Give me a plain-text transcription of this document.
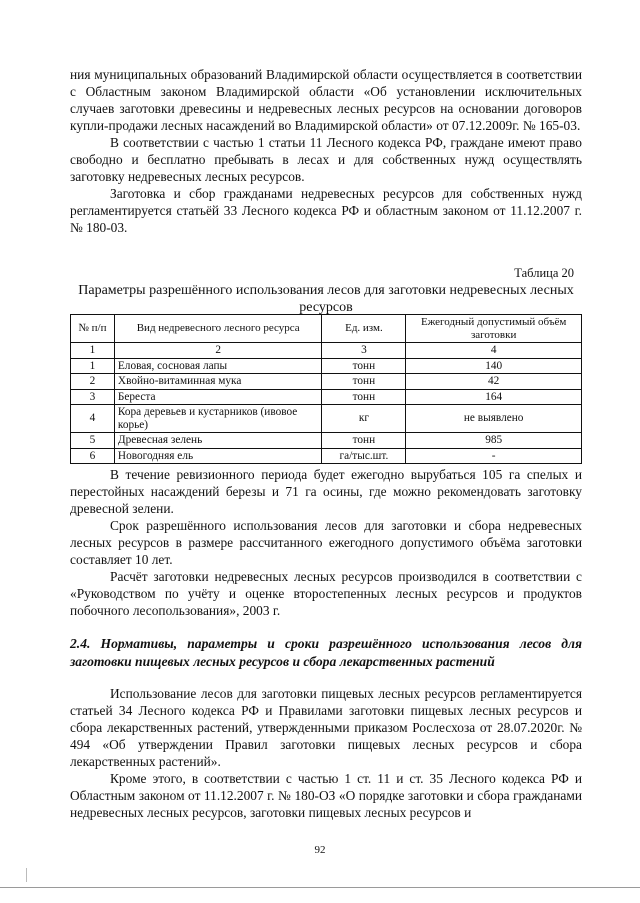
ния муниципальных образований Владимирской области осуществляется в соответствии с Областным законом Владимирской области «Об установлении исключительных случаев заготовки древесины и недревесных лесных ресурсов на основании договоров купли-продажи лесных насаждений во Владимирской области» от 07.12.2009г. № 165-03.
В соответствии с частью 1 статьи 11 Лесного кодекса РФ, граждане имеют право свободно и бесплатно пребывать в лесах и для собственных нужд осуществлять заготовку недревесных лесных ресурсов.
Заготовка и сбор гражданами недревесных ресурсов для собственных нужд регламентируется статьёй 33 Лесного кодекса РФ и областным законом от 11.12.2007 г. № 180-03.
Таблица 20
Параметры разрешённого использования лесов для заготовки недревесных лесных ресурсов
№ п/п	Вид недревесного лесного ресурса	Ед. изм.	Ежегодный допустимый объём заготовки
1	2	3	4
1	Еловая, сосновая лапы	тонн	140
2	Хвойно-витаминная мука	тонн	42
3	Береста	тонн	164
4	Кора деревьев и кустарников (ивовое корье)	кг	не выявлено
5	Древесная зелень	тонн	985
6	Новогодняя ель	га/тыс.шт.	-
В течение ревизионного периода будет ежегодно вырубаться 105 га спелых и перестойных насаждений березы и 71 га осины, где можно рекомендовать заготовку древесной зелени.
Срок разрешённого использования лесов для заготовки и сбора недревесных лесных ресурсов в размере рассчитанного ежегодного допустимого объёма заготовки составляет 10 лет.
Расчёт заготовки недревесных лесных ресурсов производился в соответствии с «Руководством по учёту и оценке второстепенных лесных ресурсов и продуктов побочного лесопользования», 2003 г.
2.4. Нормативы, параметры и сроки разрешённого использования лесов для заготовки пищевых лесных ресурсов и сбора лекарственных растений
Использование лесов для заготовки пищевых лесных ресурсов регламентируется статьей 34 Лесного кодекса РФ и Правилами заготовки пищевых лесных ресурсов и сбора лекарственных растений, утвержденными приказом Рослесхоза от 28.07.2020г. № 494 «Об утверждении Правил заготовки пищевых лесных ресурсов и сбора лекарственных растений».
Кроме этого, в соответствии с частью 1 ст. 11 и ст. 35 Лесного кодекса РФ и Областным законом от 11.12.2007 г. № 180-ОЗ «О порядке заготовки и сбора гражданами недревесных лесных ресурсов, заготовки пищевых лесных ресурсов и
92
